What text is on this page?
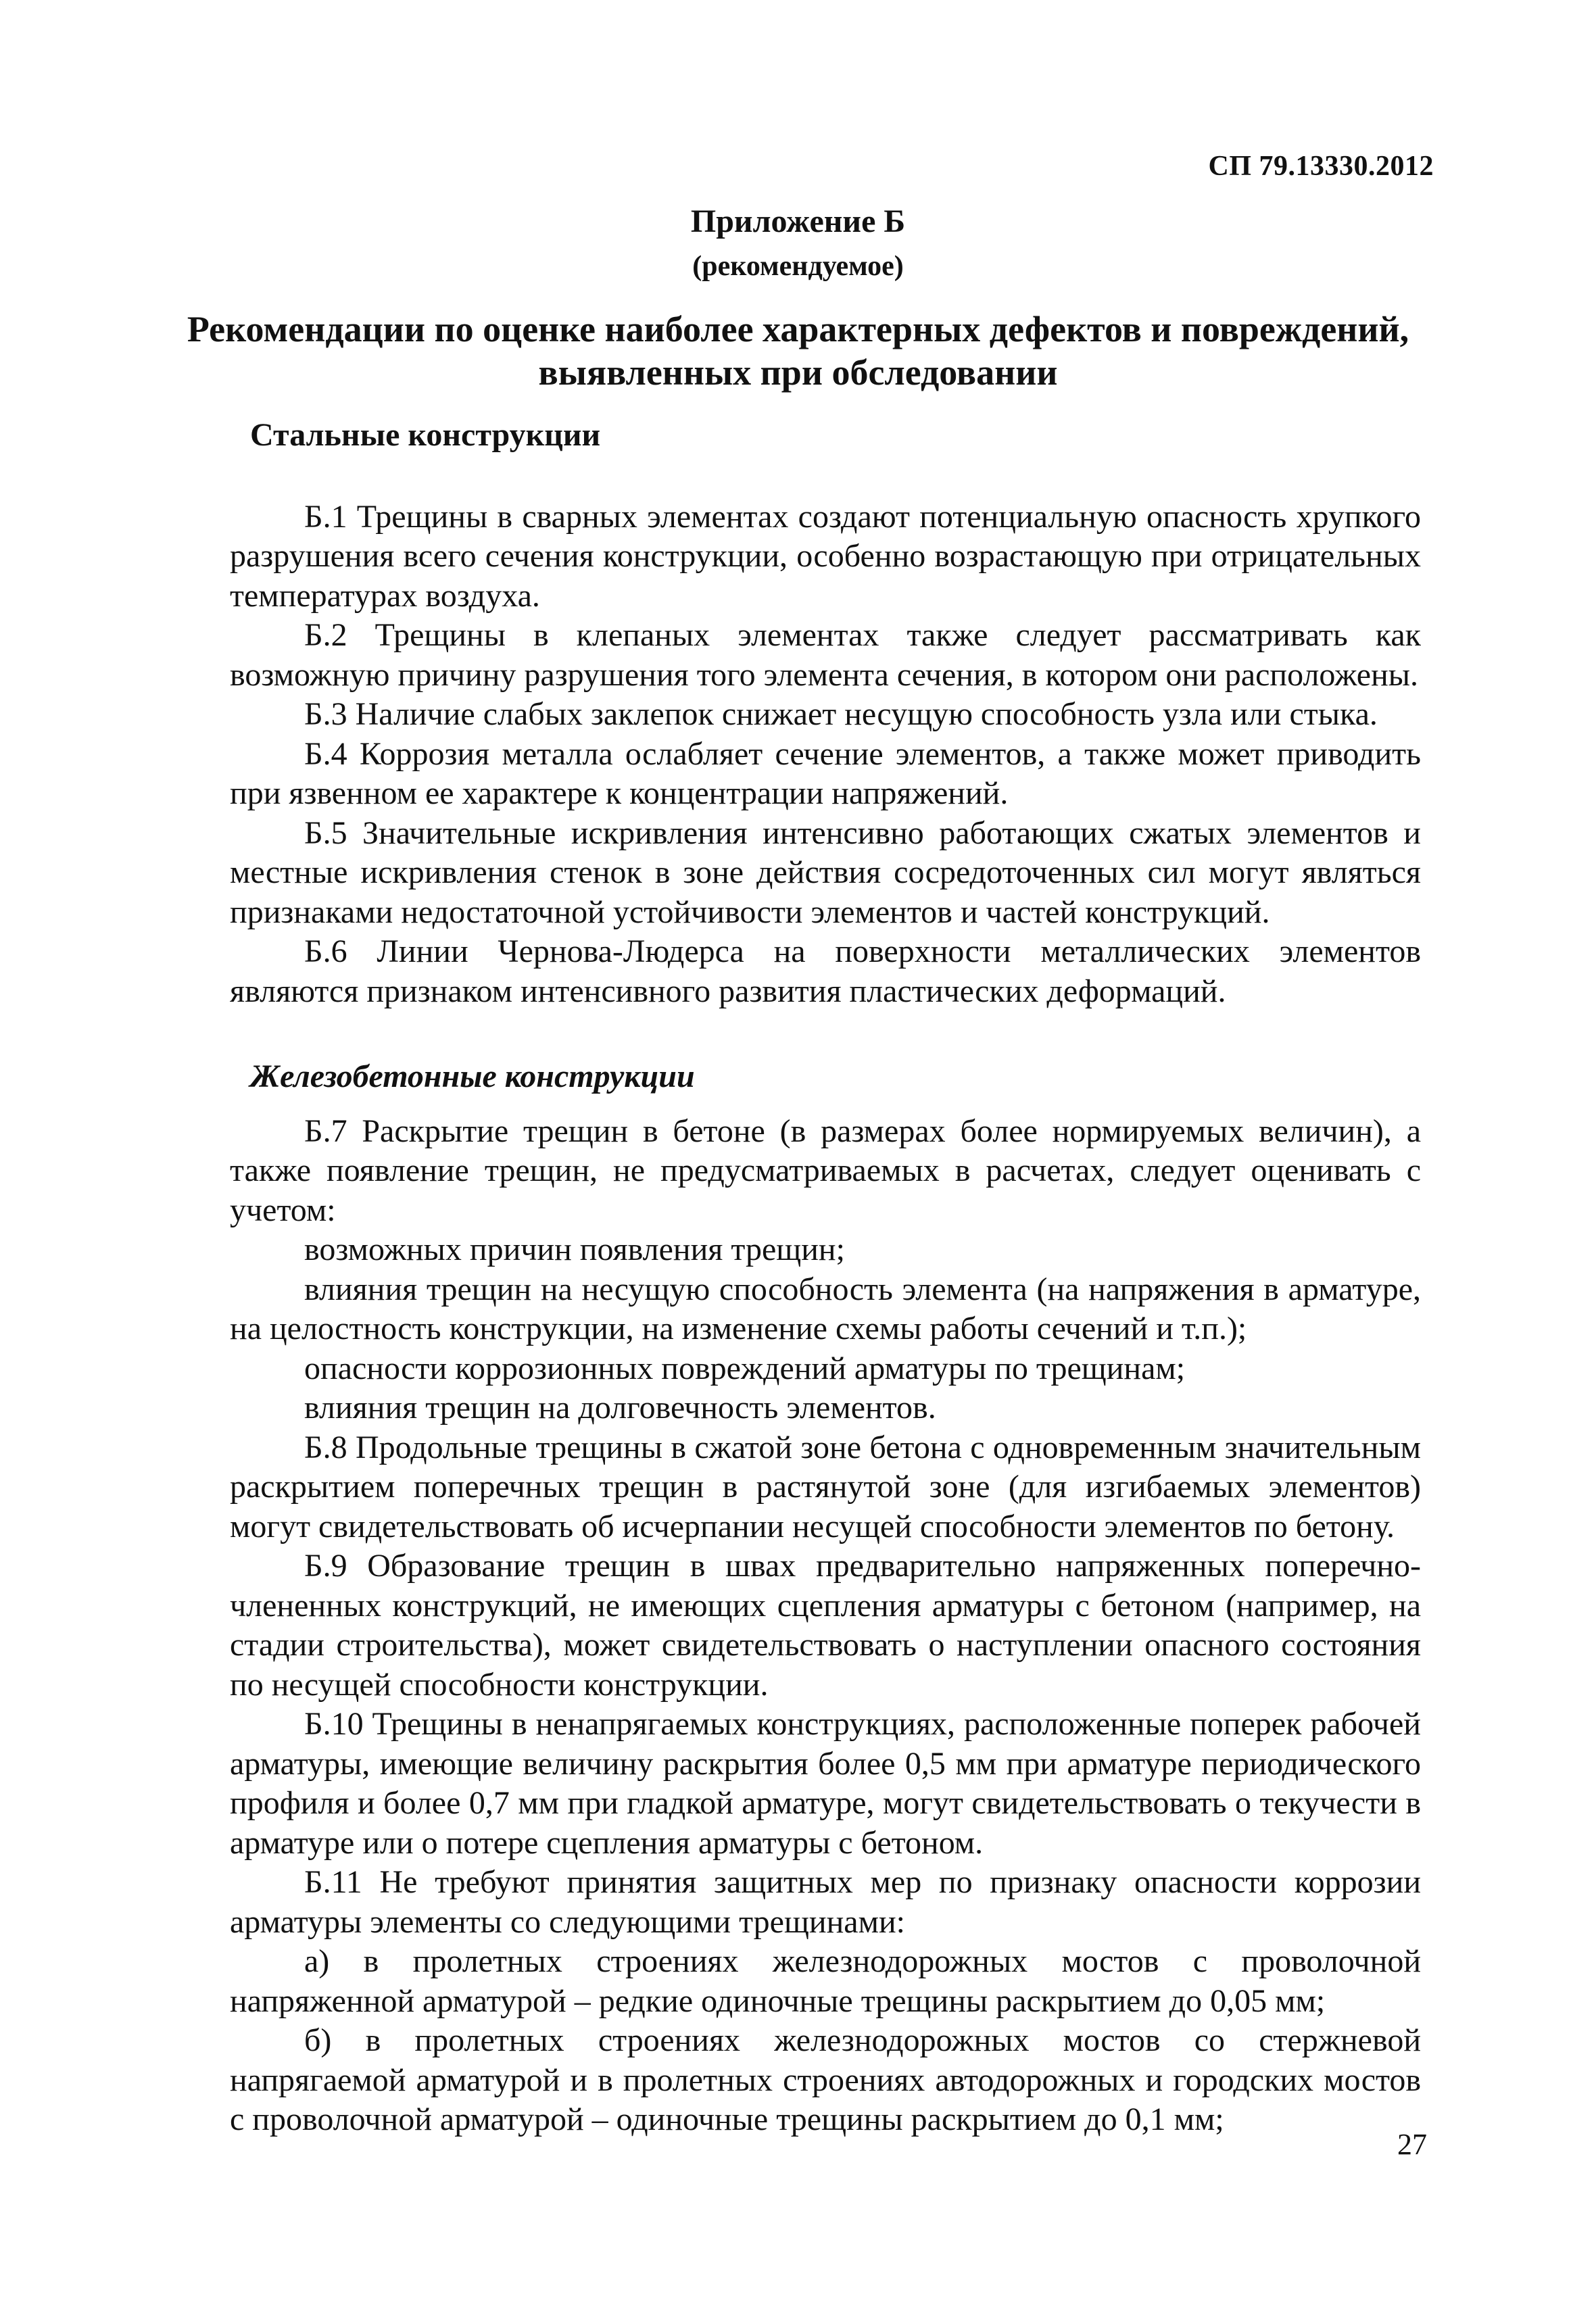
СП 79.13330.2012
Приложение Б
(рекомендуемое)
Рекомендации по оценке наиболее характерных дефектов и повреждений, выявленных при обследовании
Стальные конструкции

Б.1 Трещины в сварных элементах создают потенциальную опасность хрупкого разрушения всего сечения конструкции, особенно возрастающую при отрицательных температурах воздуха.

Б.2 Трещины в клепаных элементах также следует рассматривать как возможную причину разрушения того элемента сечения, в котором они расположены.

Б.3 Наличие слабых заклепок снижает несущую способность узла или стыка.

Б.4 Коррозия металла ослабляет сечение элементов, а также может приводить при язвенном ее характере к концентрации напряжений.

Б.5 Значительные искривления интенсивно работающих сжатых элементов и местные искривления стенок в зоне действия сосредоточенных сил могут являться признаками недостаточной устойчивости элементов и частей конструкций.

Б.6 Линии Чернова-Людерса на поверхности металлических элементов являются признаком интенсивного развития пластических деформаций.

Железобетонные конструкции

Б.7 Раскрытие трещин в бетоне (в размерах более нормируемых величин), а также появление трещин, не предусматриваемых в расчетах, следует оценивать с учетом:

возможных причин появления трещин;

влияния трещин на несущую способность элемента (на напряжения в арматуре, на целостность конструкции, на изменение схемы работы сечений и т.п.);

опасности коррозионных повреждений арматуры по трещинам;

влияния трещин на долговечность элементов.

Б.8 Продольные трещины в сжатой зоне бетона с одновременным значительным раскрытием поперечных трещин в растянутой зоне (для изгибаемых элементов) могут свидетельствовать об исчерпании несущей способности элементов по бетону.

Б.9 Образование трещин в швах предварительно напряженных поперечно-члененных конструкций, не имеющих сцепления арматуры с бетоном (например, на стадии строительства), может свидетельствовать о наступлении опасного состояния по несущей способности конструкции.

Б.10 Трещины в ненапрягаемых конструкциях, расположенные поперек рабочей арматуры, имеющие величину раскрытия более 0,5 мм при арматуре периодического профиля и более 0,7 мм при гладкой арматуре, могут свидетельствовать о текучести в арматуре или о потере сцепления арматуры с бетоном.

Б.11 Не требуют принятия защитных мер по признаку опасности коррозии арматуры элементы со следующими трещинами:

а) в пролетных строениях железнодорожных мостов с проволочной напряженной арматурой – редкие одиночные трещины раскрытием до 0,05 мм;

б) в пролетных строениях железнодорожных мостов со стержневой напрягаемой арматурой и в пролетных строениях автодорожных и городских мостов с проволочной арматурой – одиночные трещины раскрытием до 0,1 мм;

27
